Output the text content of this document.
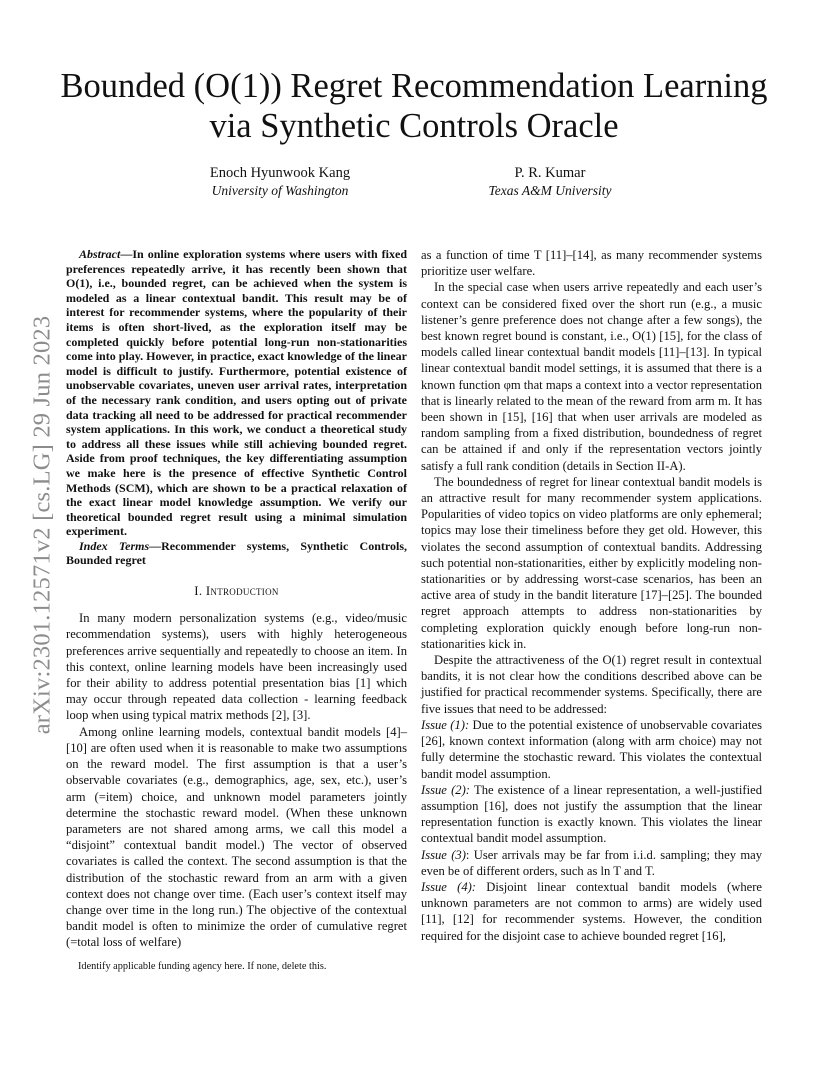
arXiv:2301.12571v2 [cs.LG] 29 Jun 2023
Bounded (O(1)) Regret Recommendation Learning
via Synthetic Controls Oracle
Enoch Hyunwook Kang
University of Washington
P. R. Kumar
Texas A&M University

Abstract—In online exploration systems where users with fixed preferences repeatedly arrive, it has recently been shown that O(1), i.e., bounded regret, can be achieved when the system is modeled as a linear contextual bandit. This result may be of interest for recommender systems, where the popularity of their items is often short-lived, as the exploration itself may be completed quickly before potential long-run non-stationarities come into play. However, in practice, exact knowledge of the linear model is difficult to justify. Furthermore, potential existence of unobservable covariates, uneven user arrival rates, interpretation of the necessary rank condition, and users opting out of private data tracking all need to be addressed for practical recommender system applications. In this work, we conduct a theoretical study to address all these issues while still achieving bounded regret. Aside from proof techniques, the key differentiating assumption we make here is the presence of effective Synthetic Control Methods (SCM), which are shown to be a practical relaxation of the exact linear model knowledge assumption. We verify our theoretical bounded regret result using a minimal simulation experiment.

Index Terms—Recommender systems, Synthetic Controls, Bounded regret

I. Introduction

In many modern personalization systems (e.g., video/music recommendation systems), users with highly heterogeneous preferences arrive sequentially and repeatedly to choose an item. In this context, online learning models have been increasingly used for their ability to address potential presentation bias [1] which may occur through repeated data collection - learning feedback loop when using typical matrix methods [2], [3].

Among online learning models, contextual bandit models [4]–[10] are often used when it is reasonable to make two assumptions on the reward model. The first assumption is that a user’s observable covariates (e.g., demographics, age, sex, etc.), user’s arm (=item) choice, and unknown model parameters jointly determine the stochastic reward model. (When these unknown parameters are not shared among arms, we call this model a “disjoint” contextual bandit model.) The vector of observed covariates is called the context. The second assumption is that the distribution of the stochastic reward from an arm with a given context does not change over time. (Each user’s context itself may change over time in the long run.) The objective of the contextual bandit model is often to minimize the order of cumulative regret (=total loss of welfare)

as a function of time T [11]–[14], as many recommender systems prioritize user welfare.

In the special case when users arrive repeatedly and each user’s context can be considered fixed over the short run (e.g., a music listener’s genre preference does not change after a few songs), the best known regret bound is constant, i.e., O(1) [15], for the class of models called linear contextual bandit models [11]–[13]. In typical linear contextual bandit model settings, it is assumed that there is a known function φm that maps a context into a vector representation that is linearly related to the mean of the reward from arm m. It has been shown in [15], [16] that when user arrivals are modeled as random sampling from a fixed distribution, boundedness of regret can be attained if and only if the representation vectors jointly satisfy a full rank condition (details in Section II-A).

The boundedness of regret for linear contextual bandit models is an attractive result for many recommender system applications. Popularities of video topics on video platforms are only ephemeral; topics may lose their timeliness before they get old. However, this violates the second assumption of contextual bandits. Addressing such potential non-stationarities, either by explicitly modeling non-stationarities or by addressing worst-case scenarios, has been an active area of study in the bandit literature [17]–[25]. The bounded regret approach attempts to address non-stationarities by completing exploration quickly enough before long-run non-stationarities kick in.

Despite the attractiveness of the O(1) regret result in contextual bandits, it is not clear how the conditions described above can be justified for practical recommender systems. Specifically, there are five issues that need to be addressed:

Issue (1): Due to the potential existence of unobservable covariates [26], known context information (along with arm choice) may not fully determine the stochastic reward. This violates the contextual bandit model assumption.

Issue (2): The existence of a linear representation, a well-justified assumption [16], does not justify the assumption that the linear representation function is exactly known. This violates the linear contextual bandit model assumption.

Issue (3): User arrivals may be far from i.i.d. sampling; they may even be of different orders, such as ln T and T.

Issue (4): Disjoint linear contextual bandit models (where unknown parameters are not common to arms) are widely used [11], [12] for recommender systems. However, the condition required for the disjoint case to achieve bounded regret [16],

Identify applicable funding agency here. If none, delete this.
